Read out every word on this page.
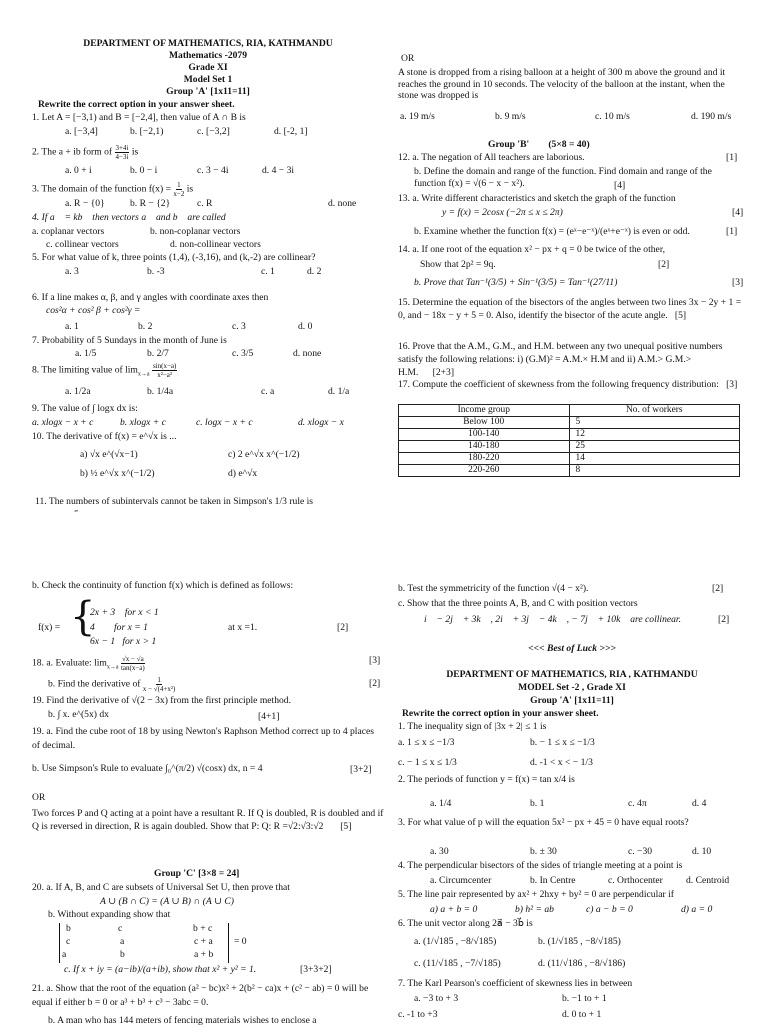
DEPARTMENT OF MATHEMATICS, RIA, KATHMANDU
Mathematics -2079
Grade XI
Model Set 1
Group 'A' [1x11=11]
Rewrite the correct option in your answer sheet.
1. Let A = [−3,1) and B = [−2,4], then value of A ∩ B is
a. [−3,4]	b. [−2,1)	c. [−3,2]	d. [-2, 1]
2. The a + ib form of $\frac{3+4i}{4-3i}$ is
a. 0 + i	b. 0 − i	c. 3 − 4i	d. 4 − 3i
3. The domain of the function $f(x) = \frac{1}{x-2}$ is
a. R − {0}	b. R − {2}	c. R	d. none
4. If a⃗ = kb⃗ then vectors a⃗ and b⃗ are called
a. coplanar vectors	b. non-coplanar vectors
c. collinear vectors	d. non-collinear vectors
5. For what value of k, three points (1,4), (-3,16), and (k,-2) are collinear?
a. 3	b. -3	c. 1	d. 2
6. If a line makes α, β, and γ angles with coordinate axes then
cos²α + cos² β + cos²γ =
a. 1	b. 2	c. 3	d. 0
7. Probability of 5 Sundays in the month of June is
a. 1/5	b. 2/7	c. 3/5	d. none
8. The limiting value of $\lim_{x\to a} \frac{\sin(x-a)}{\text{x²−a²}}$
a. 1/2a	b. 1/4a	c. a	d. 1/a
9. The value of ∫ logx dx is:
a. xlogx − x + c	b. xlogx + c	c. logx − x + c	d. xlogx − x
10. The derivative of f(x) = e^√x is ...
a) √x e^(√x−1)	c) 2 e^√x x^(−1/2)
b) ½ e^√x x^(−1/2)	d) e^√x
11. The numbers of subintervals cannot be taken in Simpson's 1/3 rule is
OR
A stone is dropped from a rising balloon at a height of 300 m above the ground and it reaches the ground in 10 seconds. The velocity of the balloon at the instant, when the stone was dropped is
a. 19 m/s	b. 9 m/s	c. 10 m/s	d. 190 m/s
Group 'B'        (5×8 = 40)
12. a. The negation of All teachers are laborious.	[1]
b. Define the domain and range of the function. Find domain and range of the function f(x) = √(6 − x − x²).	[4]
13. a. Write different characteristics and sketch the graph of the function
y = f(x) = 2cosx (−2π ≤ x ≤ 2π)	[4]
b. Examine whether the function f(x) = (eˣ−e⁻ˣ)/(eˣ+e⁻ˣ) is even or odd.	[1]
14. a. If one root of the equation x² − px + q = 0 be twice of the other,
Show that 2p² = 9q.	[2]
b. Prove that Tan⁻¹(3/5) + Sin⁻¹(3/5) = Tan⁻¹(27/11)	[3]
15. Determine the equation of the bisectors of the angles between two lines 3x − 2y + 1 = 0, and − 18x − y + 5 = 0. Also, identify the bisector of the acute angle. [5]
16. Prove that the A.M., G.M., and H.M. between any two unequal positive numbers satisfy the following relations: i) (G.M)² = A.M.× H.M and ii) A.M.> G.M.> H.M. [2+3]
17. Compute the coefficient of skewness from the following frequency distribution: [3]
Income group	No. of workers
Below 100	5
100-140	12
140-180	25
180-220	14
220-260	8
b. Check the continuity of function f(x) which is defined as follows:
f(x) = {
2x + 3    for x < 1
4        for x = 1
6x − 1   for x > 1
at x =1.	[2]
18. a. Evaluate: $\lim_{x\to a} \frac{√x - √a}{\tan(x-a)}$	[3]
b. Find the derivative of $\frac{1}{\text{x − √(4+x²)}}$	[2]
19. Find the derivative of √(2 − 3x) from the first principle method.
b. ∫ x. e^(5x) dx	[4+1]
19. a. Find the cube root of 18 by using Newton's Raphson Method correct up to 4 places of decimal.
b. Use Simpson's Rule to evaluate ∫₀^(π/2) √(cosx) dx, n = 4	[3+2]
OR
Two forces P and Q acting at a point have a resultant R. If Q is doubled, R is doubled and if Q is reversed in direction, R is again doubled. Show that P: Q: R =√2:√3:√2 [5]
Group 'C' [3×8 = 24]
20. a. If A, B, and C are subsets of Universal Set U, then prove that
A ∪ (B ∩ C) = (A ∪ B) ∩ (A ∪ C)
b. Without expanding show that
b	c	b + c
c	a	c + a
a	b	a + b
= 0
c. If x + iy = (a−ib)/(a+ib), show that x² + y² = 1.	[3+3+2]
21. a. Show that the root of the equation (a² − bc)x² + 2(b² − ca)x + (c² − ab) = 0 will be equal if either b = 0 or a³ + b³ + c³ − 3abc = 0.
b. A man who has 144 meters of fencing materials wishes to enclose a
b. Test the symmetricity of the function √(4 − x²).	[2]
c. Show that the three points A, B, and C with position vectors
i⃗ − 2j⃗ + 3k⃗ , 2i⃗ + 3j⃗ − 4k⃗ , − 7j⃗ + 10k⃗ are collinear.	[2]
<<< Best of Luck >>>
DEPARTMENT OF MATHEMATICS, RIA , KATHMANDU
MODEL Set -2 , Grade XI
Group 'A' [1x11=11]
Rewrite the correct option in your answer sheet.
1. The inequality sign of |3x + 2| ≤ 1 is
a. 1 ≤ x ≤ −1/3	b. − 1 ≤ x ≤ −1/3
c. − 1 ≤ x ≤ 1/3	d. -1 < x < − 1/3
2. The periods of function y = f(x) = tan x/4 is
a. 1/4	b. 1	c. 4π	d. 4
3. For what value of p will the equation 5x² − px + 45 = 0 have equal roots?
a. 30	b. ± 30	c. −30	d. 10
4. The perpendicular bisectors of the sides of triangle meeting at a point is
a. Circumcenter	b. In Centre	c. Orthocenter d. Centroid
5. The line pair represented by ax² + 2hxy + by² = 0 are perpendicular if
a) a + b = 0	b) h² = ab	c) a − b = 0	d) a = 0
6. The unit vector along 2a⃗ − 3b⃗ is
a. (1/√185 , −8/√185)	b. (1/√185 , −8/√185)
c. (11/√185 , −7/√185)	d. (11/√186 , −8/√186)
7. The Karl Pearson's coefficient of skewness lies in between
a. −3 to + 3	b. −1 to + 1
c. -1 to +3	d. 0 to + 1
